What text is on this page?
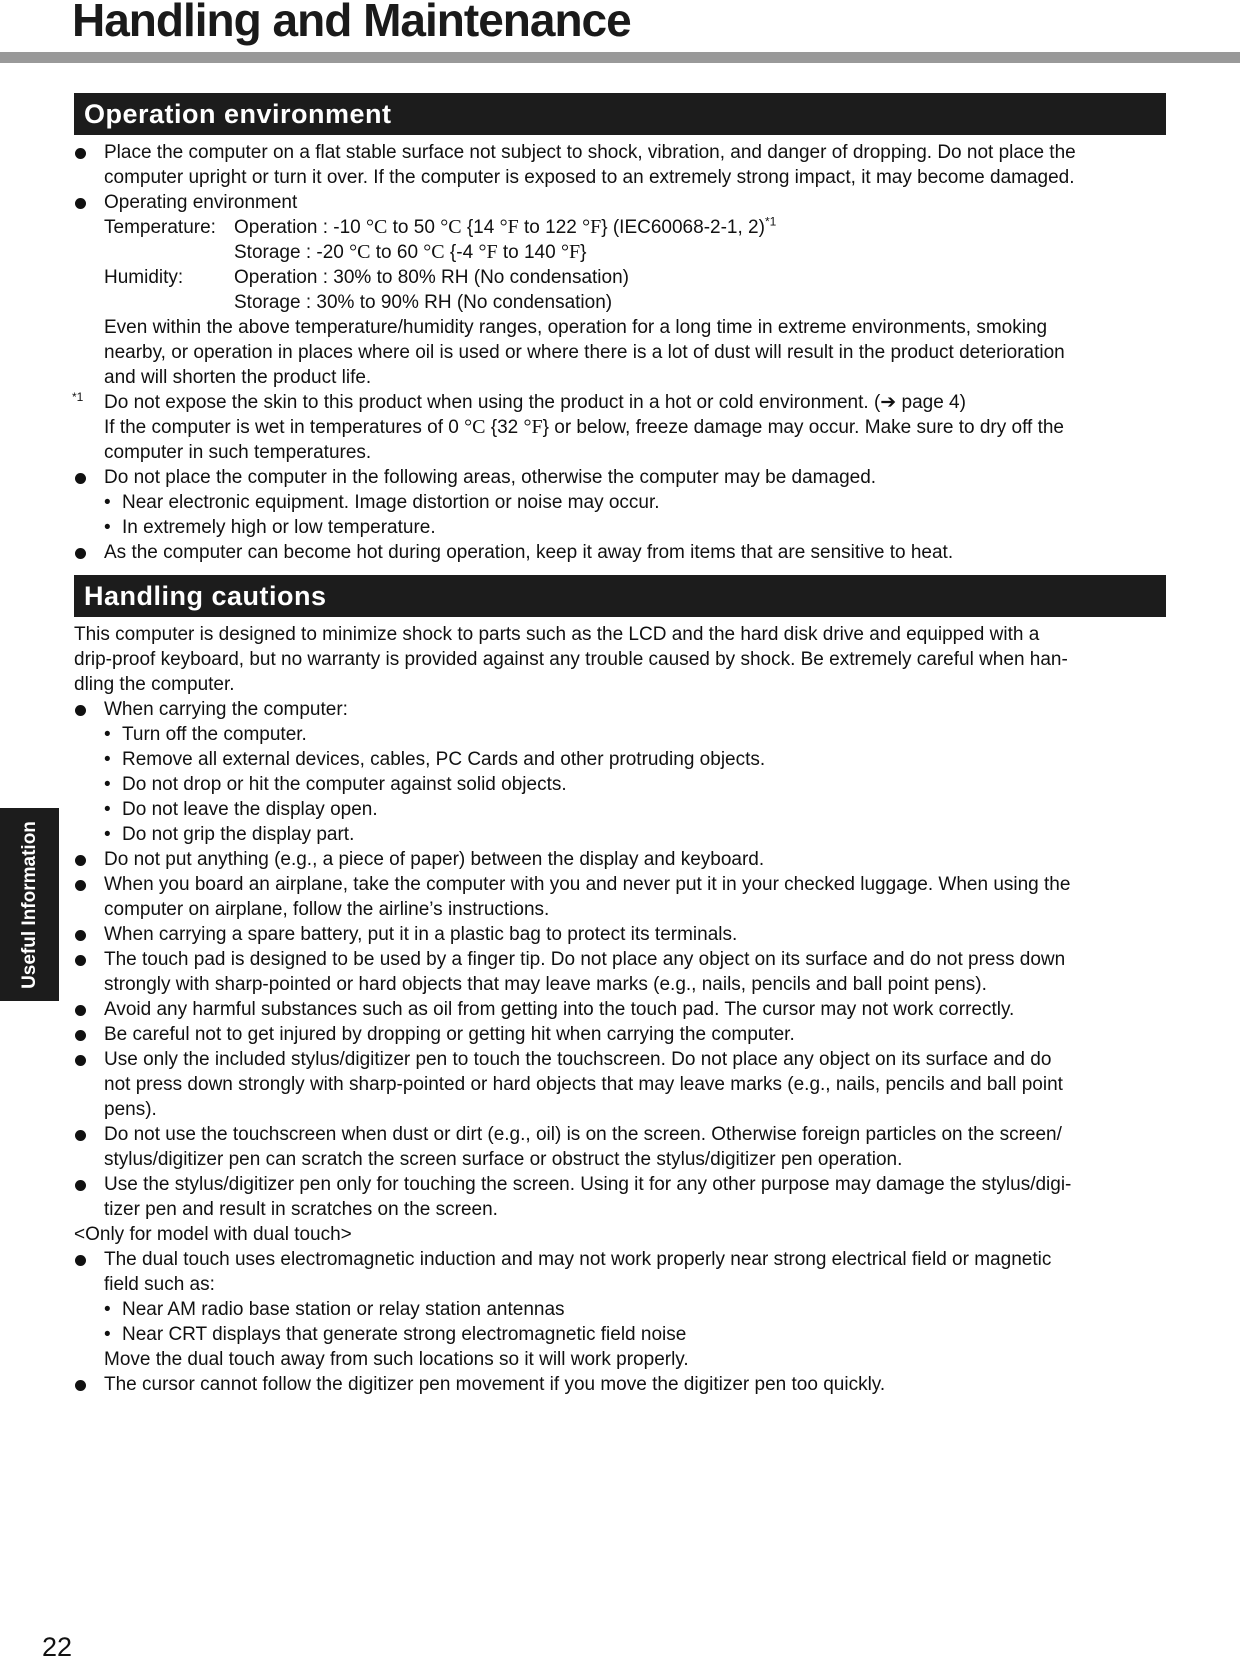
Handling and Maintenance
Operation environment
Place the computer on a flat stable surface not subject to shock, vibration, and danger of dropping. Do not place the
computer upright or turn it over. If the computer is exposed to an extremely strong impact, it may become damaged.
Operating environment
Temperature: Operation : -10 °C to 50 °C {14 °F to 122 °F} (IEC60068-2-1, 2)$^{*1}$
Storage : -20 °C to 60 °C {-4 °F to 140 °F}
Humidity:	Operation : 30% to 80% RH (No condensation)
Storage : 30% to 90% RH (No condensation)
Even within the above temperature/humidity ranges, operation for a long time in extreme environments, smoking
nearby, or operation in places where oil is used or where there is a lot of dust will result in the product deterioration
and will shorten the product life.
*1 Do not expose the skin to this product when using the product in a hot or cold environment. (➔ page 4)
If the computer is wet in temperatures of 0 °C {32 °F} or below, freeze damage may occur. Make sure to dry off the
computer in such temperatures.
Do not place the computer in the following areas, otherwise the computer may be damaged.
• Near electronic equipment. Image distortion or noise may occur.
• In extremely high or low temperature.
As the computer can become hot during operation, keep it away from items that are sensitive to heat.
Handling cautions
This computer is designed to minimize shock to parts such as the LCD and the hard disk drive and equipped with a
drip-proof keyboard, but no warranty is provided against any trouble caused by shock. Be extremely careful when han-
dling the computer.
When carrying the computer:
• Turn off the computer.
• Remove all external devices, cables, PC Cards and other protruding objects.
• Do not drop or hit the computer against solid objects.
• Do not leave the display open.
• Do not grip the display part.
Do not put anything (e.g., a piece of paper) between the display and keyboard.
When you board an airplane, take the computer with you and never put it in your checked luggage. When using the
computer on airplane, follow the airline’s instructions.
When carrying a spare battery, put it in a plastic bag to protect its terminals.
The touch pad is designed to be used by a finger tip. Do not place any object on its surface and do not press down
strongly with sharp-pointed or hard objects that may leave marks (e.g., nails, pencils and ball point pens).
Avoid any harmful substances such as oil from getting into the touch pad. The cursor may not work correctly.
Be careful not to get injured by dropping or getting hit when carrying the computer.
Use only the included stylus/digitizer pen to touch the touchscreen. Do not place any object on its surface and do
not press down strongly with sharp-pointed or hard objects that may leave marks (e.g., nails, pencils and ball point
pens).
Do not use the touchscreen when dust or dirt (e.g., oil) is on the screen. Otherwise foreign particles on the screen/
stylus/digitizer pen can scratch the screen surface or obstruct the stylus/digitizer pen operation.
Use the stylus/digitizer pen only for touching the screen. Using it for any other purpose may damage the stylus/digi-
tizer pen and result in scratches on the screen.
<Only for model with dual touch>
The dual touch uses electromagnetic induction and may not work properly near strong electrical field or magnetic
field such as:
• Near AM radio base station or relay station antennas
• Near CRT displays that generate strong electromagnetic field noise
Move the dual touch away from such locations so it will work properly.
The cursor cannot follow the digitizer pen movement if you move the digitizer pen too quickly.
Useful Information
22
